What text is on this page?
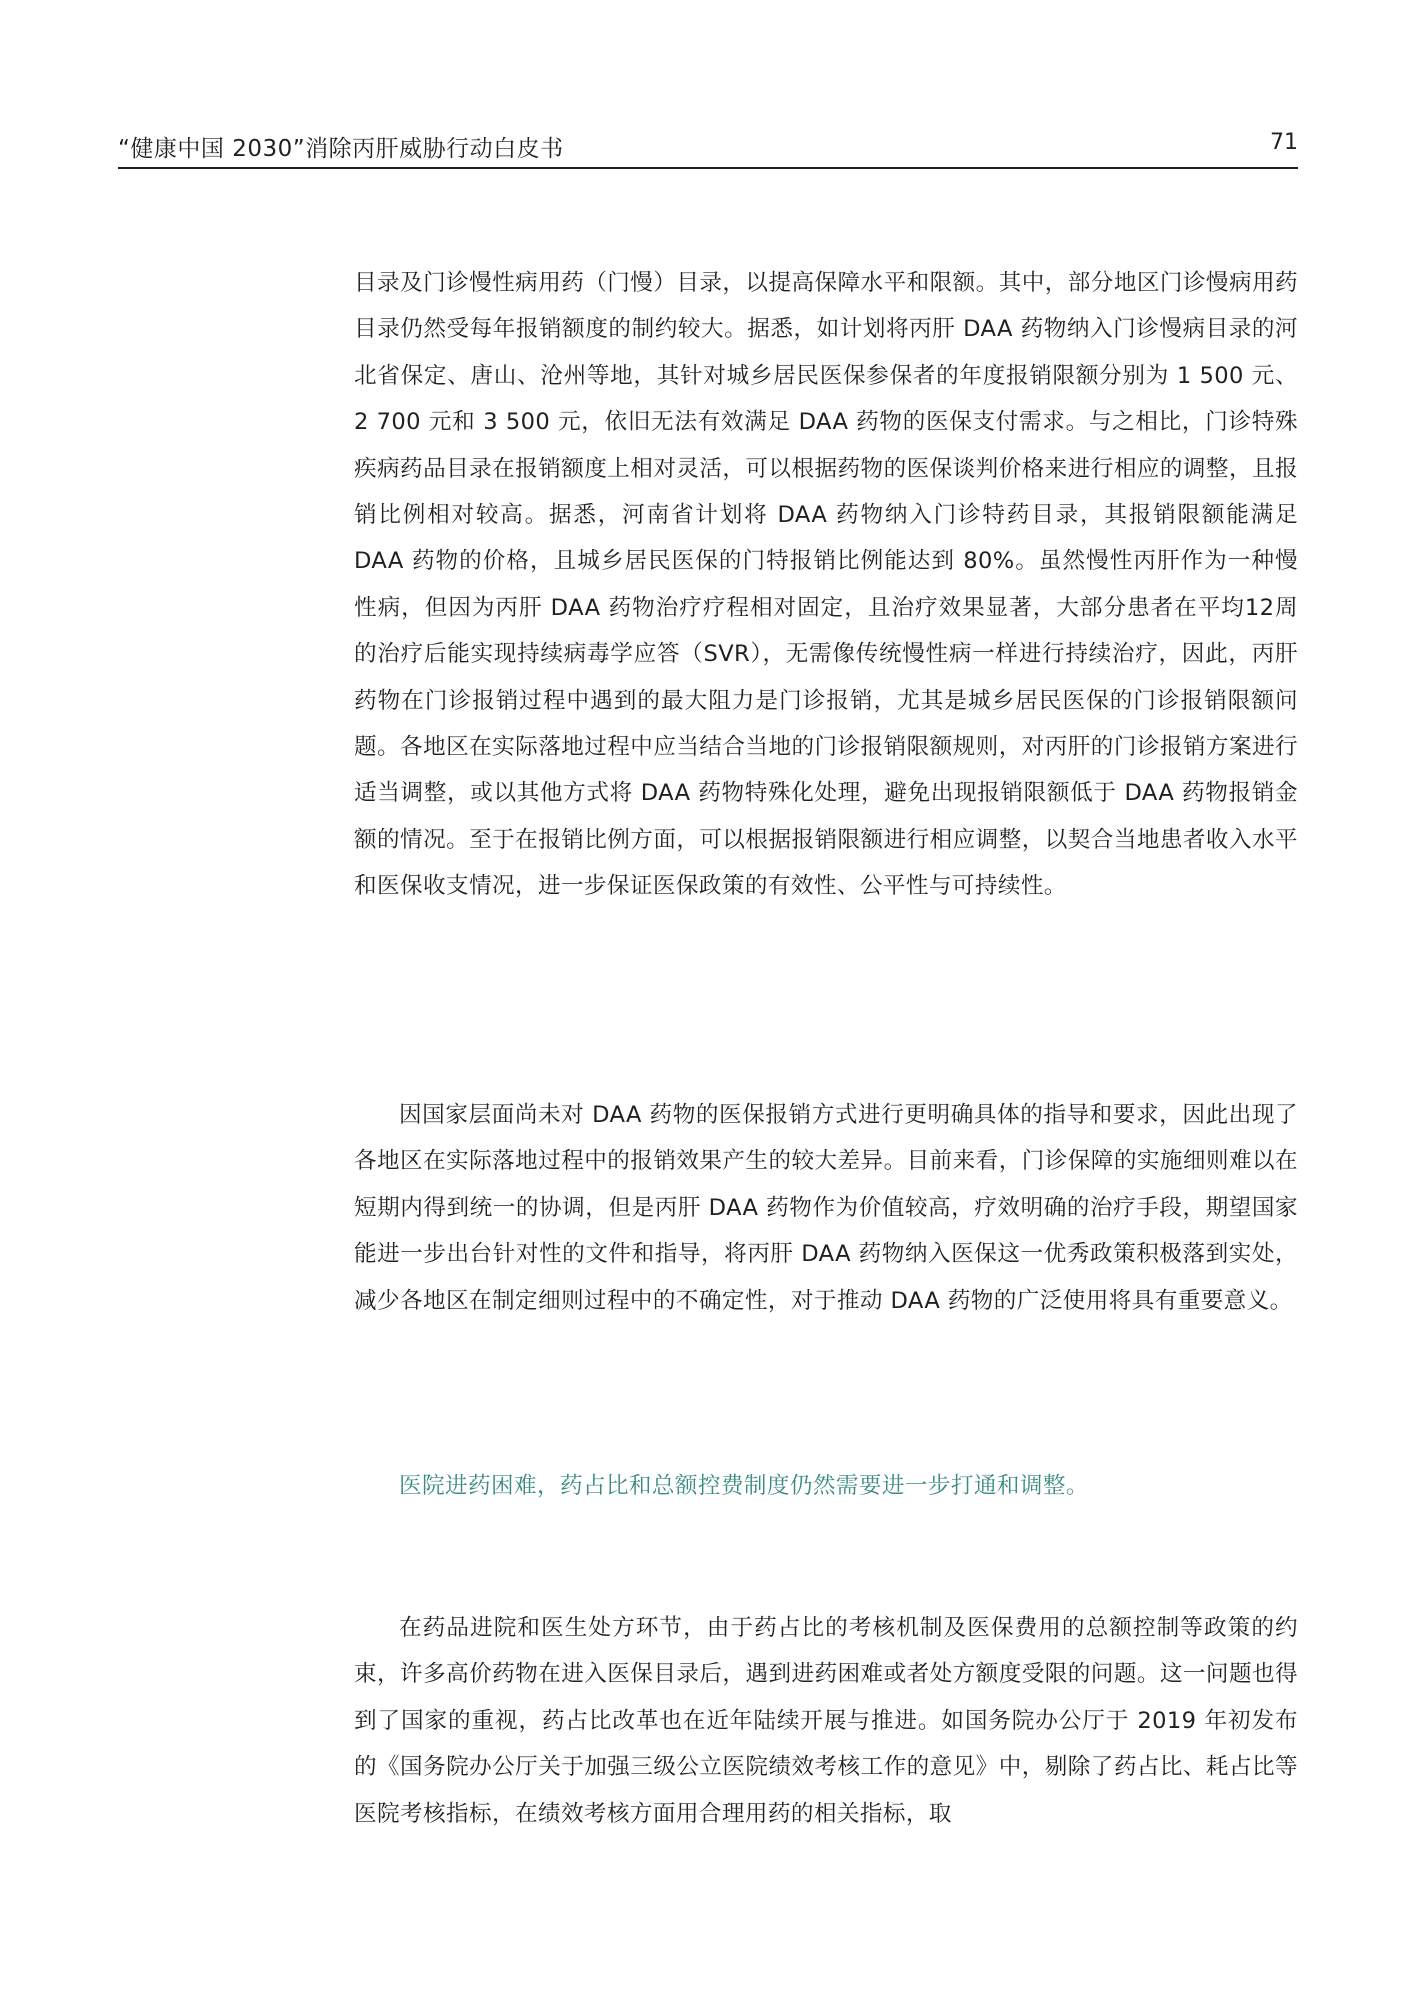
“健康中国 2030”消除丙肝威胁行动白皮书	71

目录及门诊慢性病用药（门慢）目录，以提高保障水平和限额。其中，部分地区门诊慢病用药目录仍然受每年报销额度的制约较大。据悉，如计划将丙肝 DAA 药物纳入门诊慢病目录的河北省保定、唐山、沧州等地，其针对城乡居民医保参保者的年度报销限额分别为 1 500 元、2 700 元和 3 500 元，依旧无法有效满足 DAA 药物的医保支付需求。与之相比，门诊特殊疾病药品目录在报销额度上相对灵活，可以根据药物的医保谈判价格来进行相应的调整，且报销比例相对较高。据悉，河南省计划将 DAA 药物纳入门诊特药目录，其报销限额能满足 DAA 药物的价格，且城乡居民医保的门特报销比例能达到 80%。虽然慢性丙肝作为一种慢性病，但因为丙肝 DAA 药物治疗疗程相对固定，且治疗效果显著，大部分患者在平均12周的治疗后能实现持续病毒学应答（SVR），无需像传统慢性病一样进行持续治疗，因此，丙肝药物在门诊报销过程中遇到的最大阻力是门诊报销，尤其是城乡居民医保的门诊报销限额问题。各地区在实际落地过程中应当结合当地的门诊报销限额规则，对丙肝的门诊报销方案进行适当调整，或以其他方式将 DAA 药物特殊化处理，避免出现报销限额低于 DAA 药物报销金额的情况。至于在报销比例方面，可以根据报销限额进行相应调整，以契合当地患者收入水平和医保收支情况，进一步保证医保政策的有效性、公平性与可持续性。

因国家层面尚未对 DAA 药物的医保报销方式进行更明确具体的指导和要求，因此出现了各地区在实际落地过程中的报销效果产生的较大差异。目前来看，门诊保障的实施细则难以在短期内得到统一的协调，但是丙肝 DAA 药物作为价值较高，疗效明确的治疗手段，期望国家能进一步出台针对性的文件和指导，将丙肝 DAA 药物纳入医保这一优秀政策积极落到实处，减少各地区在制定细则过程中的不确定性，对于推动 DAA 药物的广泛使用将具有重要意义。

医院进药困难，药占比和总额控费制度仍然需要进一步打通和调整。

在药品进院和医生处方环节，由于药占比的考核机制及医保费用的总额控制等政策的约束，许多高价药物在进入医保目录后，遇到进药困难或者处方额度受限的问题。这一问题也得到了国家的重视，药占比改革也在近年陆续开展与推进。如国务院办公厅于 2019 年初发布的《国务院办公厅关于加强三级公立医院绩效考核工作的意见》中，剔除了药占比、耗占比等医院考核指标，在绩效考核方面用合理用药的相关指标，取
